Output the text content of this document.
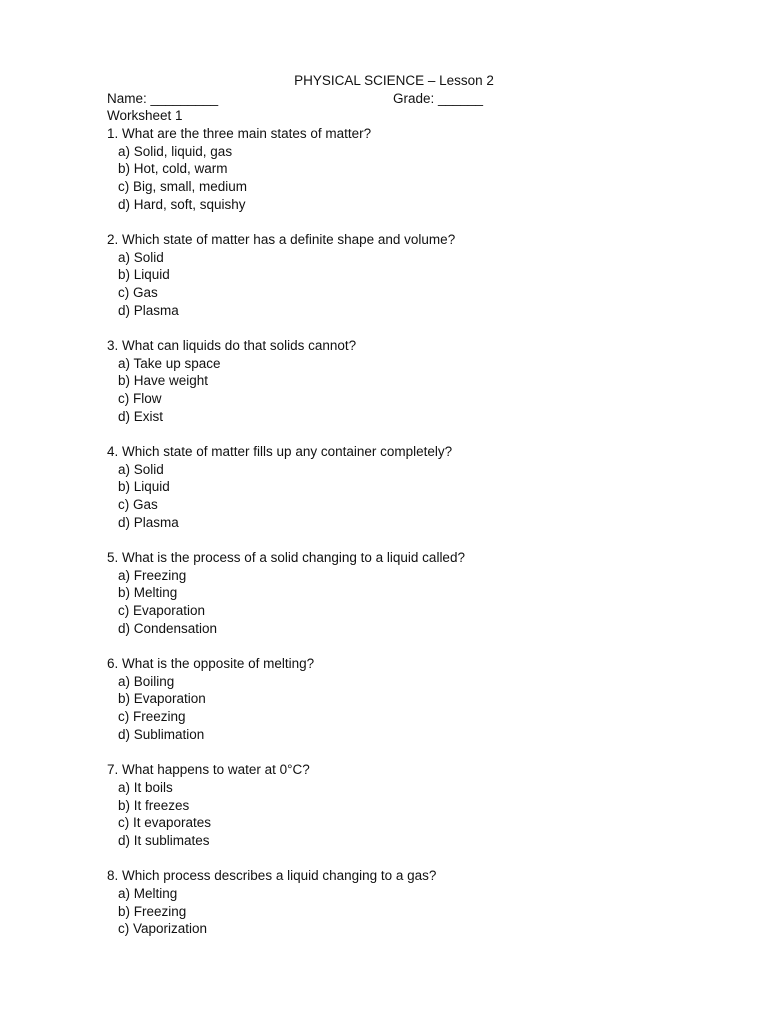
PHYSICAL SCIENCE – Lesson 2
Name: _________	Grade: ______
Worksheet 1
1. What are the three main states of matter?
a) Solid, liquid, gas
b) Hot, cold, warm
c) Big, small, medium
d) Hard, soft, squishy
2. Which state of matter has a definite shape and volume?
a) Solid
b) Liquid
c) Gas
d) Plasma
3. What can liquids do that solids cannot?
a) Take up space
b) Have weight
c) Flow
d) Exist
4. Which state of matter fills up any container completely?
a) Solid
b) Liquid
c) Gas
d) Plasma
5. What is the process of a solid changing to a liquid called?
a) Freezing
b) Melting
c) Evaporation
d) Condensation
6. What is the opposite of melting?
a) Boiling
b) Evaporation
c) Freezing
d) Sublimation
7. What happens to water at 0°C?
a) It boils
b) It freezes
c) It evaporates
d) It sublimates
8. Which process describes a liquid changing to a gas?
a) Melting
b) Freezing
c) Vaporization
